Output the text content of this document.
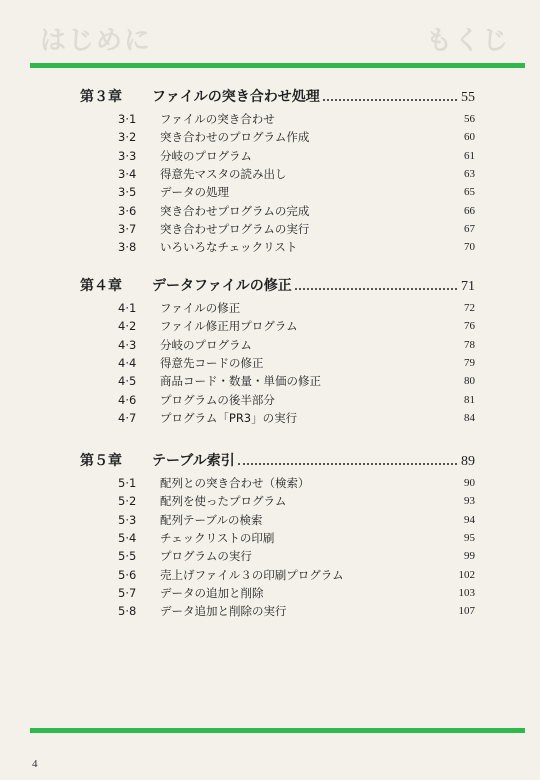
はじめに	もくじ
第３章	ファイルの突き合わせ処理	55
3·1	ファイルの突き合わせ	56
3·2	突き合わせのプログラム作成	60
3·3	分岐のプログラム	61
3·4	得意先マスタの読み出し	63
3·5	データの処理	65
3·6	突き合わせプログラムの完成	66
3·7	突き合わせプログラムの実行	67
3·8	いろいろなチェックリスト	70
第４章	データファイルの修正	71
4·1	ファイルの修正	72
4·2	ファイル修正用プログラム	76
4·3	分岐のプログラム	78
4·4	得意先コードの修正	79
4·5	商品コード・数量・単価の修正	80
4·6	プログラムの後半部分	81
4·7	プログラム「PR3」の実行	84
第５章	テーブル索引	89
5·1	配列との突き合わせ（検索）	90
5·2	配列を使ったプログラム	93
5·3	配列テーブルの検索	94
5·4	チェックリストの印刷	95
5·5	プログラムの実行	99
5·6	売上げファイル３の印刷プログラム	102
5·7	データの追加と削除	103
5·8	データ追加と削除の実行	107
4
